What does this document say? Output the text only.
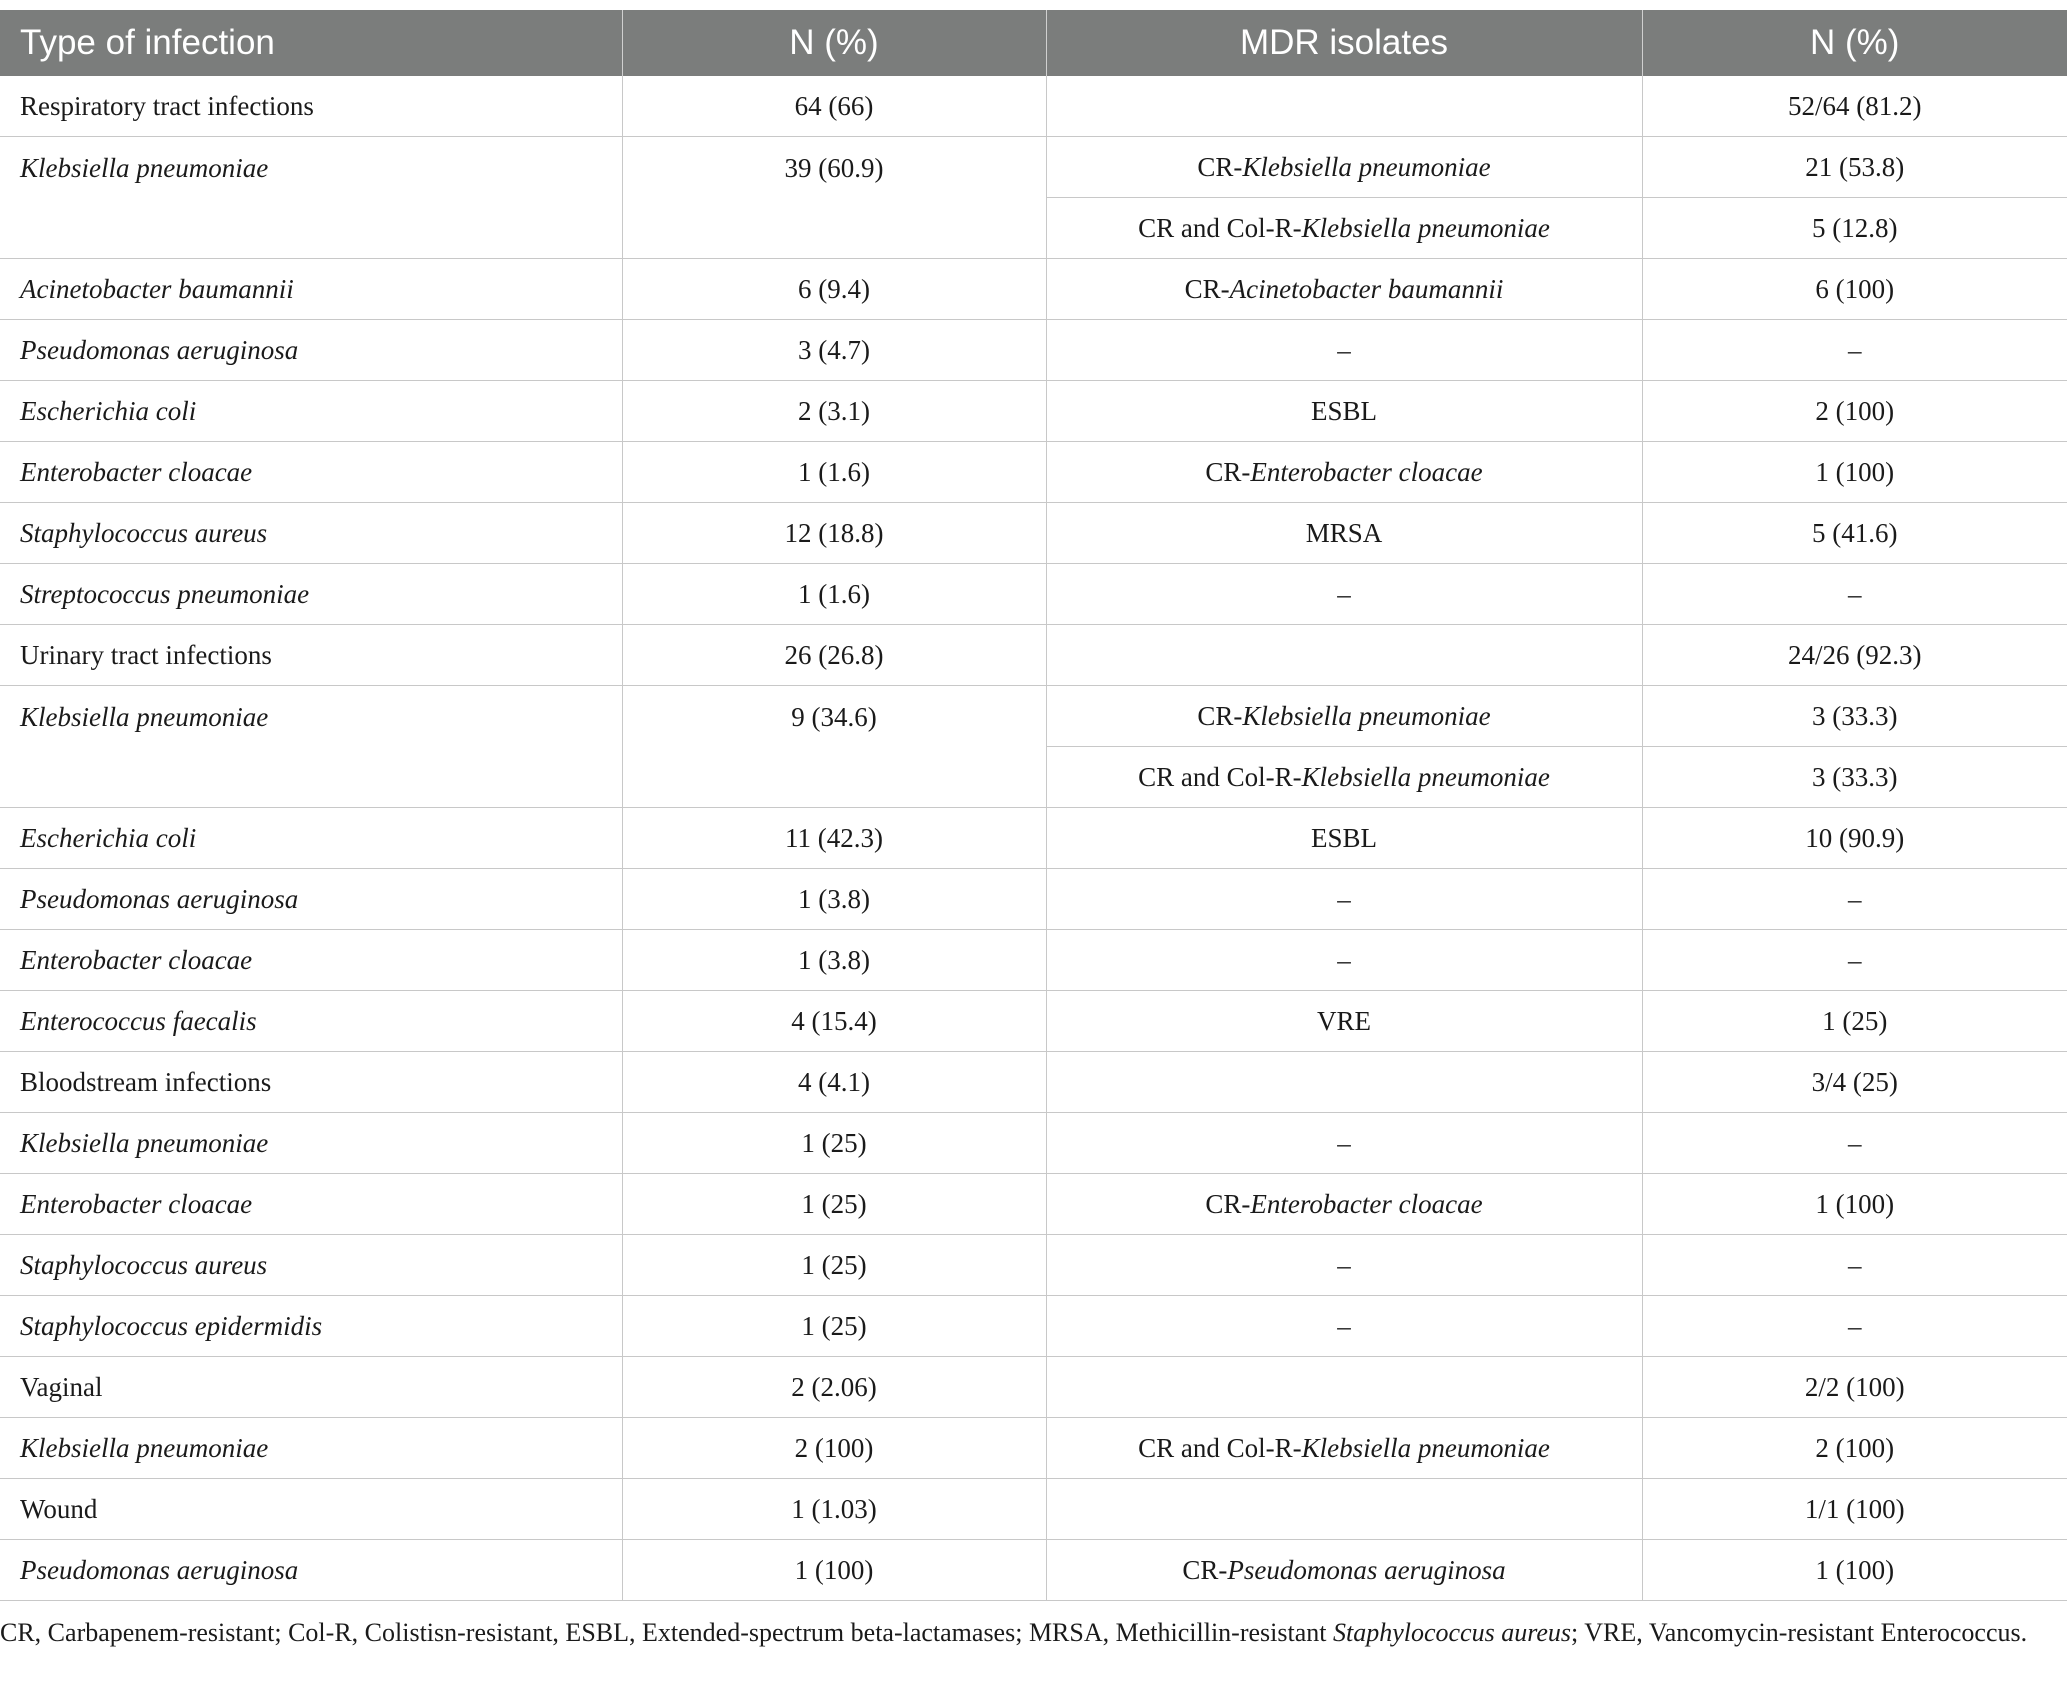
Type of infection	N (%)	MDR isolates	N (%)
Respiratory tract infections	64 (66)		52/64 (81.2)
Klebsiella pneumoniae	39 (60.9)	CR-Klebsiella pneumoniae	21 (53.8)
		CR and Col-R-Klebsiella pneumoniae	5 (12.8)
Acinetobacter baumannii	6 (9.4)	CR-Acinetobacter baumannii	6 (100)
Pseudomonas aeruginosa	3 (4.7)	–	–
Escherichia coli	2 (3.1)	ESBL	2 (100)
Enterobacter cloacae	1 (1.6)	CR-Enterobacter cloacae	1 (100)
Staphylococcus aureus	12 (18.8)	MRSA	5 (41.6)
Streptococcus pneumoniae	1 (1.6)	–	–
Urinary tract infections	26 (26.8)		24/26 (92.3)
Klebsiella pneumoniae	9 (34.6)	CR-Klebsiella pneumoniae	3 (33.3)
		CR and Col-R-Klebsiella pneumoniae	3 (33.3)
Escherichia coli	11 (42.3)	ESBL	10 (90.9)
Pseudomonas aeruginosa	1 (3.8)	–	–
Enterobacter cloacae	1 (3.8)	–	–
Enterococcus faecalis	4 (15.4)	VRE	1 (25)
Bloodstream infections	4 (4.1)		3/4 (25)
Klebsiella pneumoniae	1 (25)	–	–
Enterobacter cloacae	1 (25)	CR-Enterobacter cloacae	1 (100)
Staphylococcus aureus	1 (25)	–	–
Staphylococcus epidermidis	1 (25)	–	–
Vaginal	2 (2.06)		2/2 (100)
Klebsiella pneumoniae	2 (100)	CR and Col-R-Klebsiella pneumoniae	2 (100)
Wound	1 (1.03)		1/1 (100)
Pseudomonas aeruginosa	1 (100)	CR-Pseudomonas aeruginosa	1 (100)
CR, Carbapenem-resistant; Col-R, Colistisn-resistant, ESBL, Extended-spectrum beta-lactamases; MRSA, Methicillin-resistant Staphylococcus aureus; VRE, Vancomycin-resistant Enterococcus.
